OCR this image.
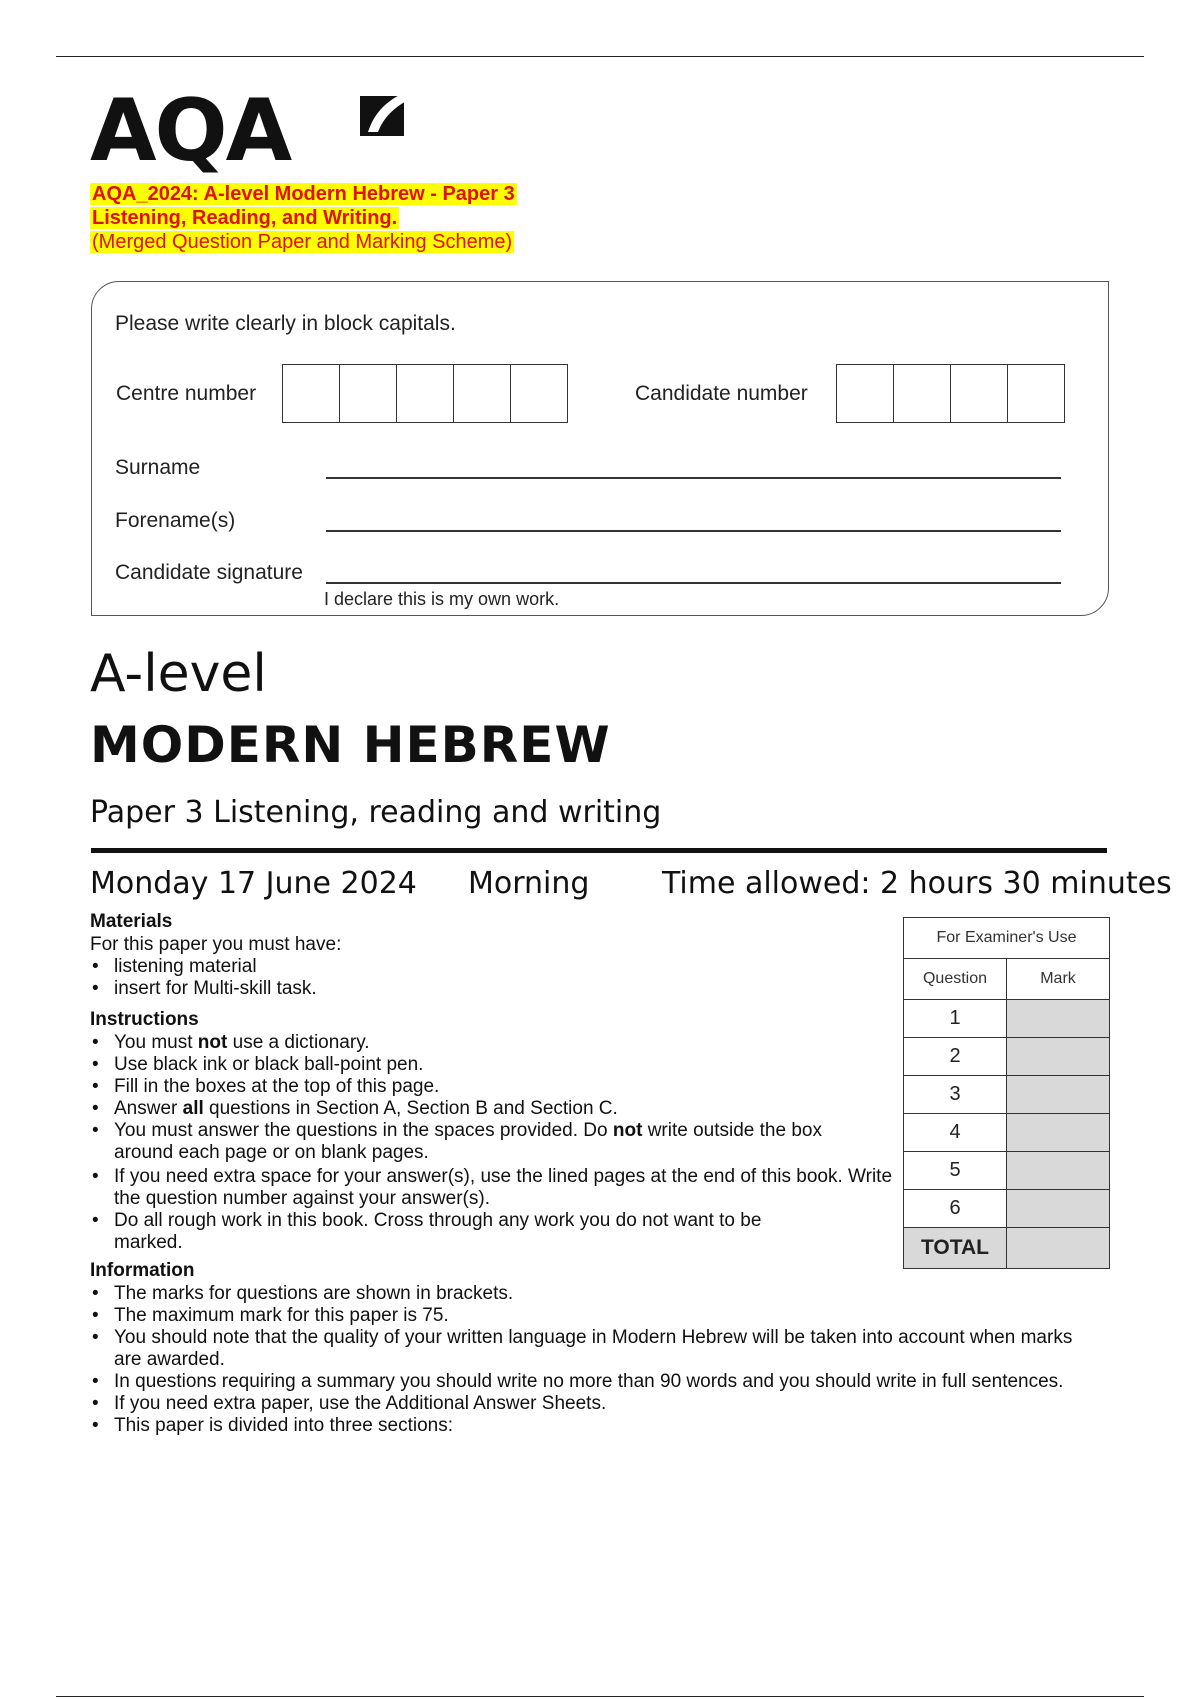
AQA
AQA_2024: A-level Modern Hebrew - Paper 3
Listening, Reading, and Writing.
(Merged Question Paper and Marking Scheme)
Please write clearly in block capitals.
Centre number	Candidate number
Surname
Forename(s)
Candidate signature
I declare this is my own work.
A-level
MODERN HEBREW
Paper 3 Listening, reading and writing
Monday 17 June 2024 Morning Time allowed: 2 hours 30 minutes
Materials
For this paper you must have:
• listening material
• insert for Multi-skill task.
Instructions
• You must not use a dictionary.
• Use black ink or black ball-point pen.
• Fill in the boxes at the top of this page.
• Answer all questions in Section A, Section B and Section C.
• You must answer the questions in the spaces provided. Do not write outside the box around each page or on blank pages.
• If you need extra space for your answer(s), use the lined pages at the end of this book. Write the question number against your answer(s).
• Do all rough work in this book. Cross through any work you do not want to be marked.
Information
• The marks for questions are shown in brackets.
• The maximum mark for this paper is 75.
• You should note that the quality of your written language in Modern Hebrew will be taken into account when marks are awarded.
• In questions requiring a summary you should write no more than 90 words and you should write in full sentences.
• If you need extra paper, use the Additional Answer Sheets.
• This paper is divided into three sections:
For Examiner's Use	
Question	Mark
1	
2	
3	
4	
5	
6	
TOTAL	
